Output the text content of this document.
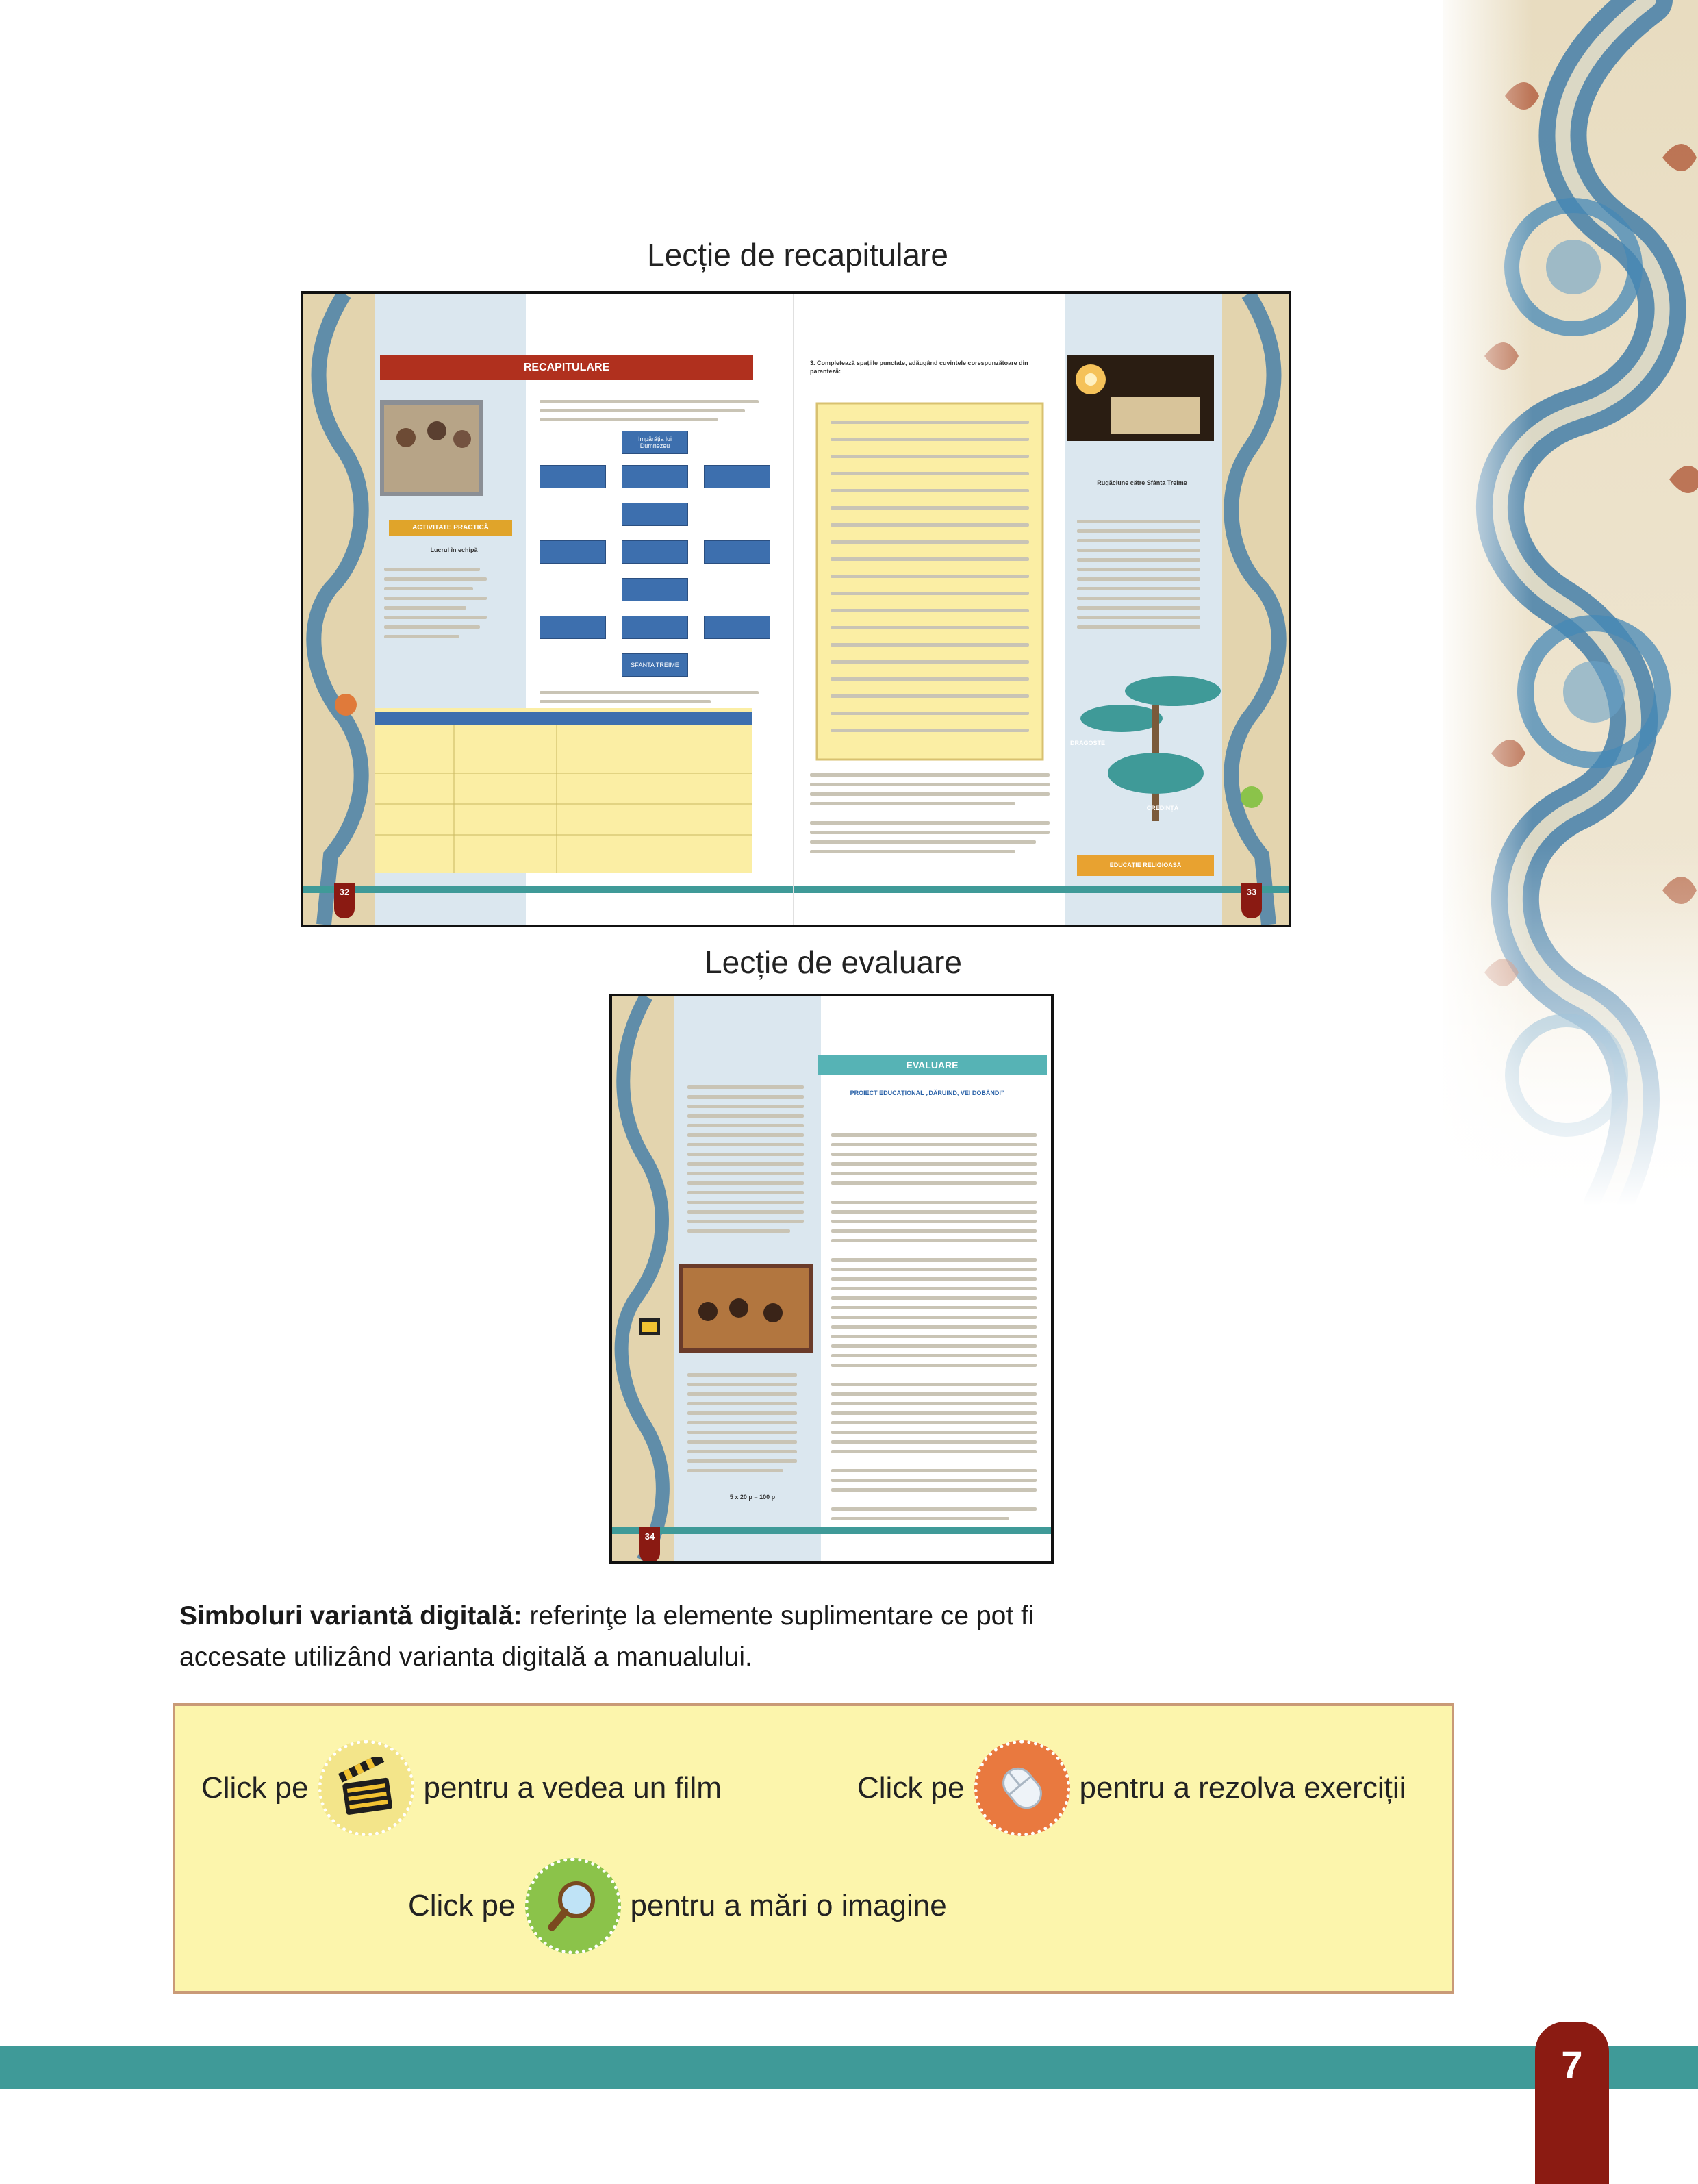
Lecție de recapitulare
RECAPITULARE
ACTIVITATE PRACTICĂ
Lucrul în echipă
3. Completează spațiile punctate, adăugând cuvintele corespunzătoare din paranteză:
Rugăciune către Sfânta Treime
Împărăția lui Dumnezeu
SFÂNTA TREIME
DRAGOSTE
CREDINȚĂ
EDUCAȚIE RELIGIOASĂ
32	33
Lecție de evaluare
EVALUARE
PROIECT EDUCAȚIONAL „DĂRUIND, VEI DOBÂNDI”
5 x 20 p = 100 p
34
Simboluri variantă digitală: referinţe la elemente suplimentare ce pot fi accesate utilizând varianta digitală a manualului.
Click pe	pentru a vedea un film	Click pe	pentru a rezolva exerciții
Click pe	pentru a mări o imagine
7
